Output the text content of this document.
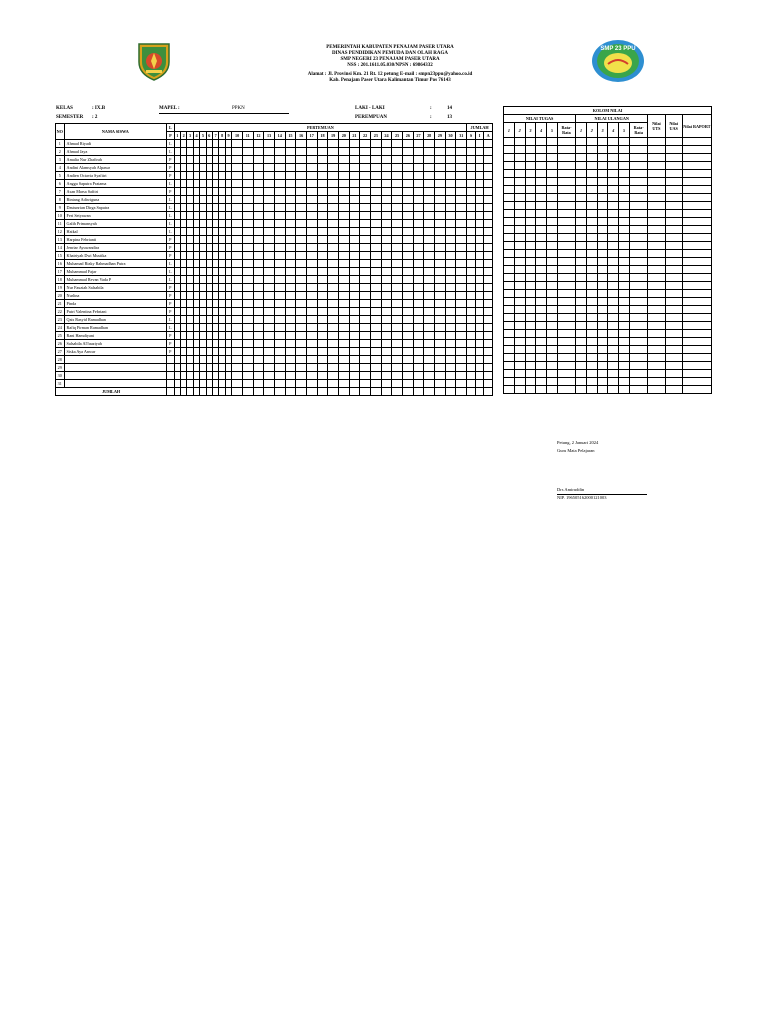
SMP 23 PPU
PEMERINTAH KABUPATEN PENAJAM PASER UTARA
DINAS PENDIDIKAN PEMUDA DAN OLAH RAGA
SMP NEGERI 23 PENAJAM PASER UTARA
NSS : 201.1611.05.030/NPSN : 69864332
Alamat : Jl. Provinsi Km. 21 Rt. 12 petung E-mail : smpn23ppu@yahoo.co.id
Kab. Penajam Paser Utara Kalimantan Timur Pos 76143
KELAS	: IX.B
SEMESTER : 2
MAPEL :	PPKN	LAKI - LAKI	:	14
PEREMPUAN	:	13
NO	NAMA SISWA	L	PERTEMUAN																															JUMLAH		
		P	1	2	3	4	5	6	7	8	9	10	11	12	13	14	15	16	17	18	19	20	21	22	23	24	25	26	27	28	29	30	31	S	I	A
1	Ahmad Riyadi	L																																		
2	Ahmad Jaya	L																																		
3	Amalia Nur Zhafirah	P																																		
4	Andini Alamsyah Alpasur	P																																		
5	Andien Octavia Syafitri	P																																		
6	Angga Saputra Pratama	L																																		
7	Asan Marsa Safitri	P																																		
8	Bintang Adiwiguna	L																																		
9	Dastunrian Dirga Saputra	L																																		
10	Feri Setyawan	L																																		
11	Galih Primansyah	L																																		
12	Haikal	L																																		
13	Harpina Febrianti	P																																		
14	Jenriar Ayuwandira	P																																		
15	Khairiyah Dwi Mustika	P																																		
16	Muhamad Rizky Rahmadhan Putra	L																																		
17	Muhammad Fajar	L																																		
18	Muhammad Revan Vada P	L																																		
19	Nur Fauziah Salsabila	P																																		
20	Nurlina	P																																		
21	Pinda	P																																		
22	Putri Valentina Febriani	P																																		
23	Qais Rasyid Ramadhan	L																																		
24	Rafiq Firman Ramadhan	L																																		
25	Rani Hamdiyani	P																																		
26	Salsabila Al'fauziyah	P																																		
27	Siska Aya Anwar	P																																		
28																																				
29																																				
30																																				
31																																				
JUMLAH																																				
KOLOM NILAI														
NILAI TUGAS						NILAI ULANGAN						Nilai UTS	Nilai UAS	Nilai RAPORT
1	2	3	4	5	Rata-Rata	1	2	3	4	5	Rata-Rata			

Petung, 2 Januari 2024
Guru Mata Pelajaran
Drs Amiruddin
NIP. 196505162000121003
